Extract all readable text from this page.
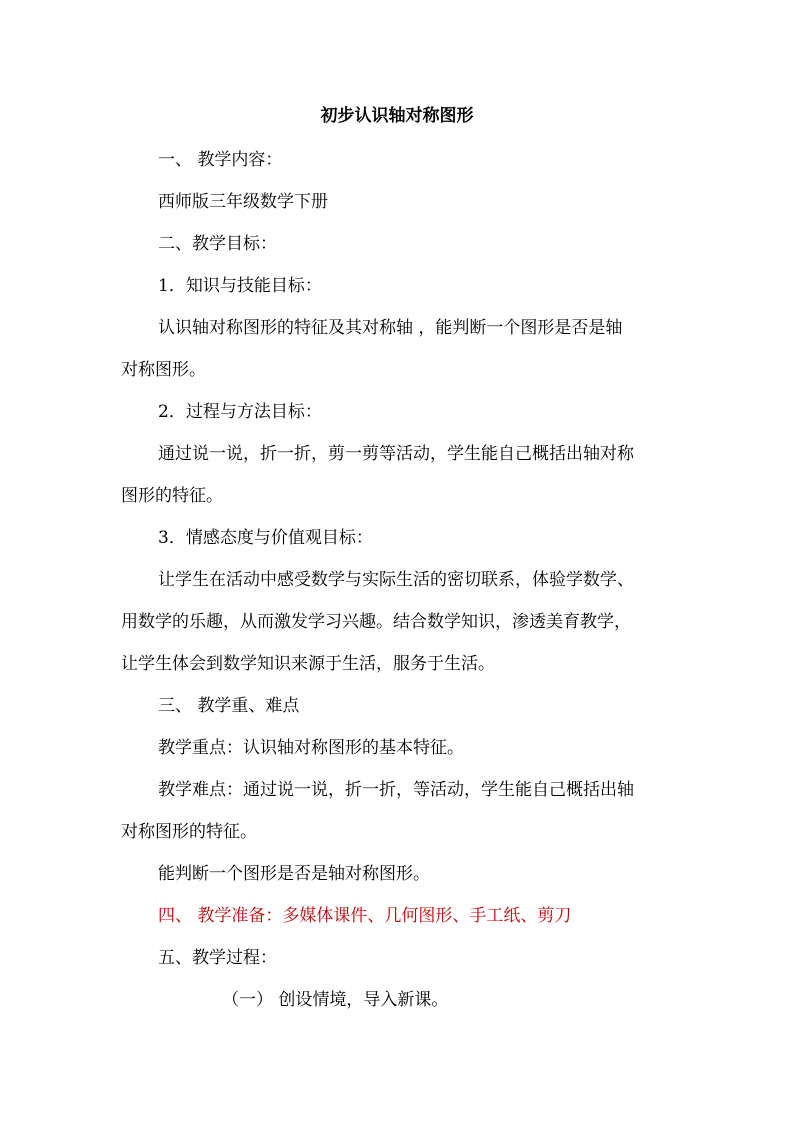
初步认识轴对称图形
一、 教学内容：
西师版三年级数学下册
二、教学目标：
1．知识与技能目标：
认识轴对称图形的特征及其对称轴 ，能判断一个图形是否是轴
对称图形。
2．过程与方法目标：
通过说一说，折一折，剪一剪等活动，学生能自己概括出轴对称
图形的特征。
3．情感态度与价值观目标：
让学生在活动中感受数学与实际生活的密切联系，体验学数学、
用数学的乐趣，从而激发学习兴趣。结合数学知识，渗透美育教学，
让学生体会到数学知识来源于生活，服务于生活。
三、 教学重、难点
教学重点：认识轴对称图形的基本特征。
教学难点：通过说一说，折一折，等活动，学生能自己概括出轴
对称图形的特征。
能判断一个图形是否是轴对称图形。
四、 教学准备：多媒体课件、几何图形、手工纸、剪刀
五、教学过程：
（一） 创设情境，导入新课。
